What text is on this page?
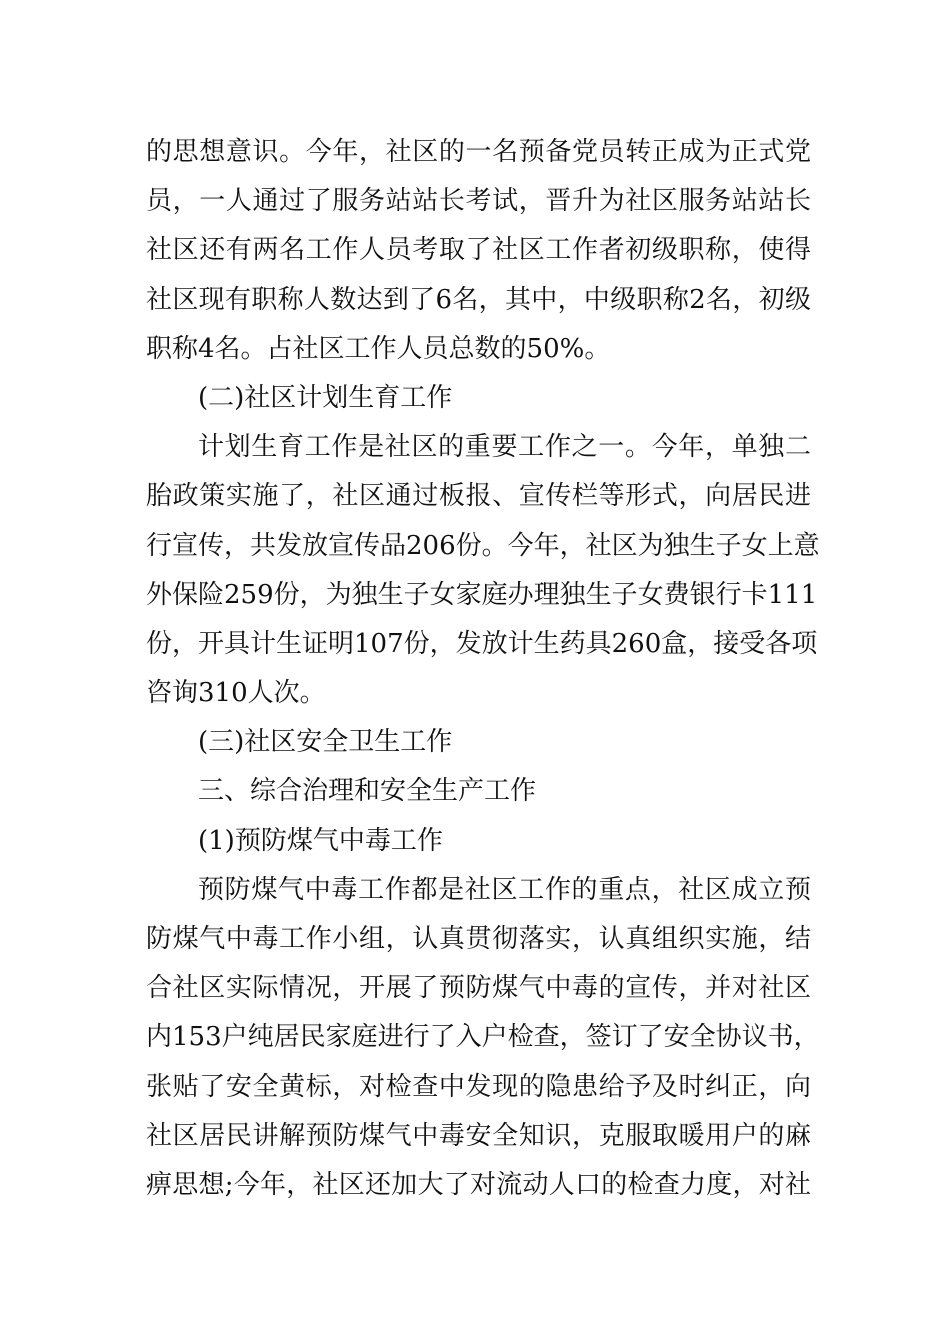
的思想意识。今年，社区的一名预备党员转正成为正式党
员，一人通过了服务站站长考试，晋升为社区服务站站长
社区还有两名工作人员考取了社区工作者初级职称，使得
社区现有职称人数达到了6名，其中，中级职称2名，初级
职称4名。占社区工作人员总数的50%。
(二)社区计划生育工作
计划生育工作是社区的重要工作之一。今年，单独二
胎政策实施了，社区通过板报、宣传栏等形式，向居民进
行宣传，共发放宣传品206份。今年，社区为独生子女上意
外保险259份，为独生子女家庭办理独生子女费银行卡111
份，开具计生证明107份，发放计生药具260盒，接受各项
咨询310人次。
(三)社区安全卫生工作
三、综合治理和安全生产工作
(1)预防煤气中毒工作
预防煤气中毒工作都是社区工作的重点，社区成立预
防煤气中毒工作小组，认真贯彻落实，认真组织实施，结
合社区实际情况，开展了预防煤气中毒的宣传，并对社区
内153户纯居民家庭进行了入户检查，签订了安全协议书，
张贴了安全黄标，对检查中发现的隐患给予及时纠正，向
社区居民讲解预防煤气中毒安全知识，克服取暖用户的麻
痹思想;今年，社区还加大了对流动人口的检查力度，对社
